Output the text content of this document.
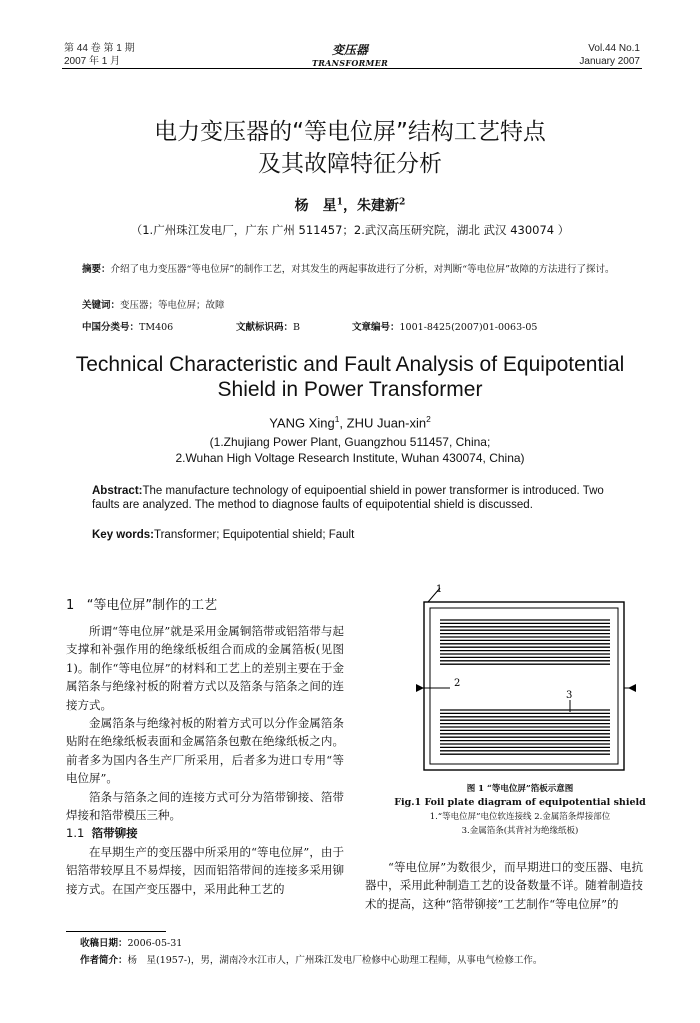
第 44 卷 第 1 期
2007 年 1 月
变压器
TRANSFORMER
Vol.44 No.1
January 2007
电力变压器的“等电位屏”结构工艺特点
及其故障特征分析
杨　星$^1$，朱建新$^2$
（1.广州珠江发电厂，广东 广州 511457；2.武汉高压研究院，湖北 武汉 430074 ）
摘要：介绍了电力变压器“等电位屏”的制作工艺，对其发生的两起事故进行了分析，对判断“等电位屏”故障的方法进行了探讨。
关键词：变压器；等电位屏；故障
中国分类号：TM406	文献标识码：B	文章编号：1001-8425(2007)01-0063-05
Technical Characteristic and Fault Analysis of Equipotential
Shield in Power Transformer
YANG Xing$^1$, ZHU Juan-xin$^2$
(1.Zhujiang Power Plant, Guangzhou 511457, China;
2.Wuhan High Voltage Research Institute, Wuhan 430074, China)
Abstract:The manufacture technology of equipoential shield in power transformer is introduced. Two faults are analyzed. The method to diagnose faults of equipotential shield is discussed.
Key words:Transformer; Equipotential shield; Fault
1 “等电位屏”制作的工艺

所谓“等电位屏”就是采用金属铜箔带或铝箔带与起支撑和补强作用的绝缘纸板组合而成的金属箔板(见图 1)。制作“等电位屏”的材料和工艺上的差别主要在于金属箔条与绝缘衬板的附着方式以及箔条与箔条之间的连接方式。

金属箔条与绝缘衬板的附着方式可以分作金属箔条贴附在绝缘纸板表面和金属箔条包敷在绝缘纸板之内。前者多为国内各生产厂所采用，后者多为进口专用“等电位屏”。

箔条与箔条之间的连接方式可分为箔带铆接、箔带焊接和箔带模压三种。

1.1 箔带铆接

在早期生产的变压器中所采用的“等电位屏”，由于铝箔带较厚且不易焊接，因而铝箔带间的连接多采用铆接方式。在国产变压器中，采用此种工艺的

1
2
3
图 1 “等电位屏”箔板示意图
Fig.1 Foil plate diagram of equipotential shield
1.“等电位屏”电位软连接线 2.金属箔条焊接部位
3.金属箔条(其背衬为绝缘纸板)

“等电位屏”为数很少，而早期进口的变压器、电抗器中，采用此种制造工艺的设备数量不详。随着制造技术的提高，这种“箔带铆接”工艺制作“等电位屏”的

收稿日期：2006-05-31
作者简介：杨　星(1957-)，男，湖南冷水江市人，广州珠江发电厂检修中心助理工程师，从事电气检修工作。
